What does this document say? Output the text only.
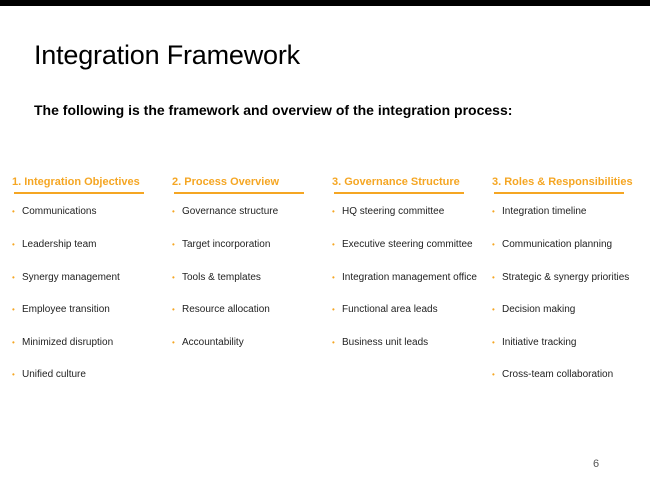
Integration Framework
The following is the framework and overview of the integration process:
1. Integration Objectives
• Communications
• Leadership team
• Synergy management
• Employee transition
• Minimized disruption
• Unified culture
2. Process Overview
• Governance structure
• Target incorporation
• Tools & templates
• Resource allocation
• Accountability
3. Governance Structure
• HQ steering committee
• Executive steering committee
• Integration management office
• Functional area leads
• Business unit leads
3. Roles & Responsibilities
• Integration timeline
• Communication planning
• Strategic & synergy priorities
• Decision making
• Initiative tracking
• Cross-team collaboration
6
